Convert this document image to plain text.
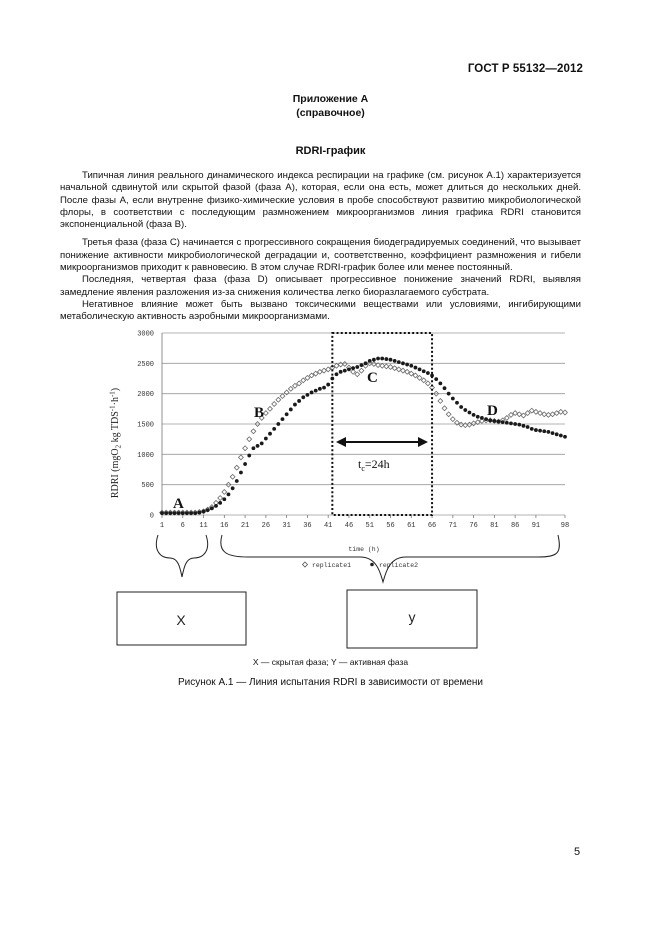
ГОСТ Р 55132—2012
Приложение А
(справочное)
RDRI-график

Типичная линия реального динамического индекса респирации на графике (см. рисунок А.1) характеризуется начальной сдвинутой или скрытой фазой (фаза А), которая, если она есть, может длиться до нескольких дней. После фазы А, если внутренне физико-химические условия в пробе способствуют развитию микробиологической флоры, в соответствии с последующим размножением микроорганизмов линия графика RDRI становится экспоненциальной (фаза В).

Третья фаза (фаза С) начинается с прогрессивного сокращения биодеградируемых соединений, что вызывает понижение активности микробиологической деградации и, соответственно, коэффициент размножения и гибели микроорганизмов приходит к равновесию. В этом случае RDRI-график более или менее постоянный.

Последняя, четвертая фаза (фаза D) описывает прогрессивное понижение значений RDRI, выявляя замедление явления разложения из-за снижения количества легко биоразлагаемого субстрата.

Негативное влияние может быть вызвано токсическими веществами или условиями, ингибирующими метаболическую активность аэробными микроорганизмами.

0
500
1000
1500
2000
2500
3000
1 6 11 16 21 26 31 36 41 46 51 56 61 66 71 76 81 86 91	98
time (h)
RDRI (mgO$_2$ kg $TDS^{-1}\cdot h^{-1}$)
$t_c=24h$
A
B
C
D
replicate1	replicate2
X	y
X — скрытая фаза; Y — активная фаза
Рисунок А.1 — Линия испытания RDRI в зависимости от времени
5
